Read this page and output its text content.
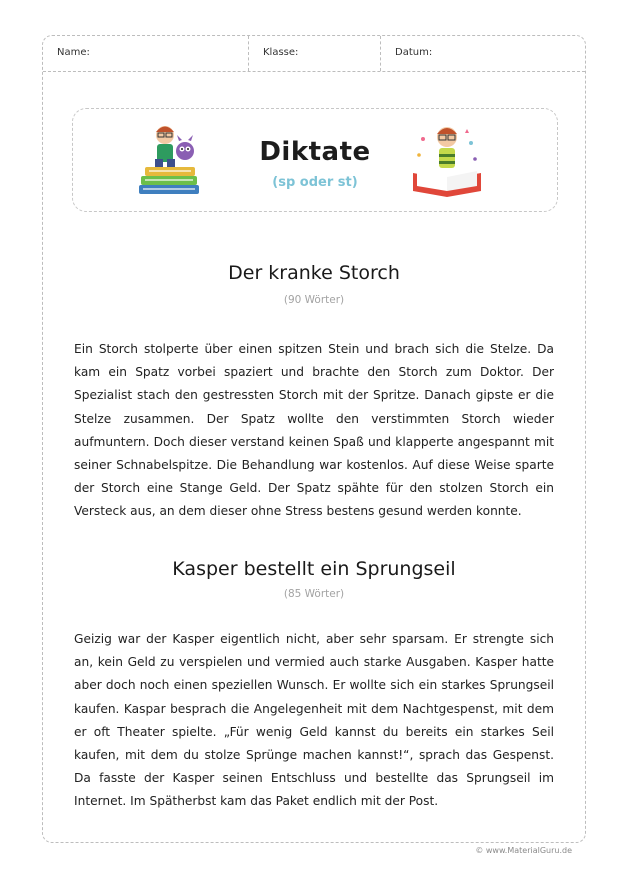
Name:	Klasse:	Datum:
Diktate
(sp oder st)
Der kranke Storch
(90 Wörter)

Ein Storch stolperte über einen spitzen Stein und brach sich die Stelze. Da kam ein Spatz vorbei spaziert und brachte den Storch zum Doktor. Der Spezialist stach den gestressten Storch mit der Spritze. Danach gipste er die Stelze zusammen. Der Spatz wollte den verstimmten Storch wieder aufmuntern. Doch dieser verstand keinen Spaß und klapperte angespannt mit seiner Schnabelspitze. Die Behandlung war kostenlos. Auf diese Weise sparte der Storch eine Stange Geld. Der Spatz spähte für den stolzen Storch ein Versteck aus, an dem dieser ohne Stress bestens gesund werden konnte.

Kasper bestellt ein Sprungseil
(85 Wörter)

Geizig war der Kasper eigentlich nicht, aber sehr sparsam. Er strengte sich an, kein Geld zu verspielen und vermied auch starke Ausgaben. Kasper hatte aber doch noch einen speziellen Wunsch. Er wollte sich ein starkes Sprungseil kaufen. Kaspar besprach die Angelegenheit mit dem Nachtgespenst, mit dem er oft Theater spielte. „Für wenig Geld kannst du bereits ein starkes Seil kaufen, mit dem du stolze Sprünge machen kannst!“, sprach das Gespenst. Da fasste der Kasper seinen Entschluss und bestellte das Sprungseil im Internet. Im Spätherbst kam das Paket endlich mit der Post.

© www.MaterialGuru.de
